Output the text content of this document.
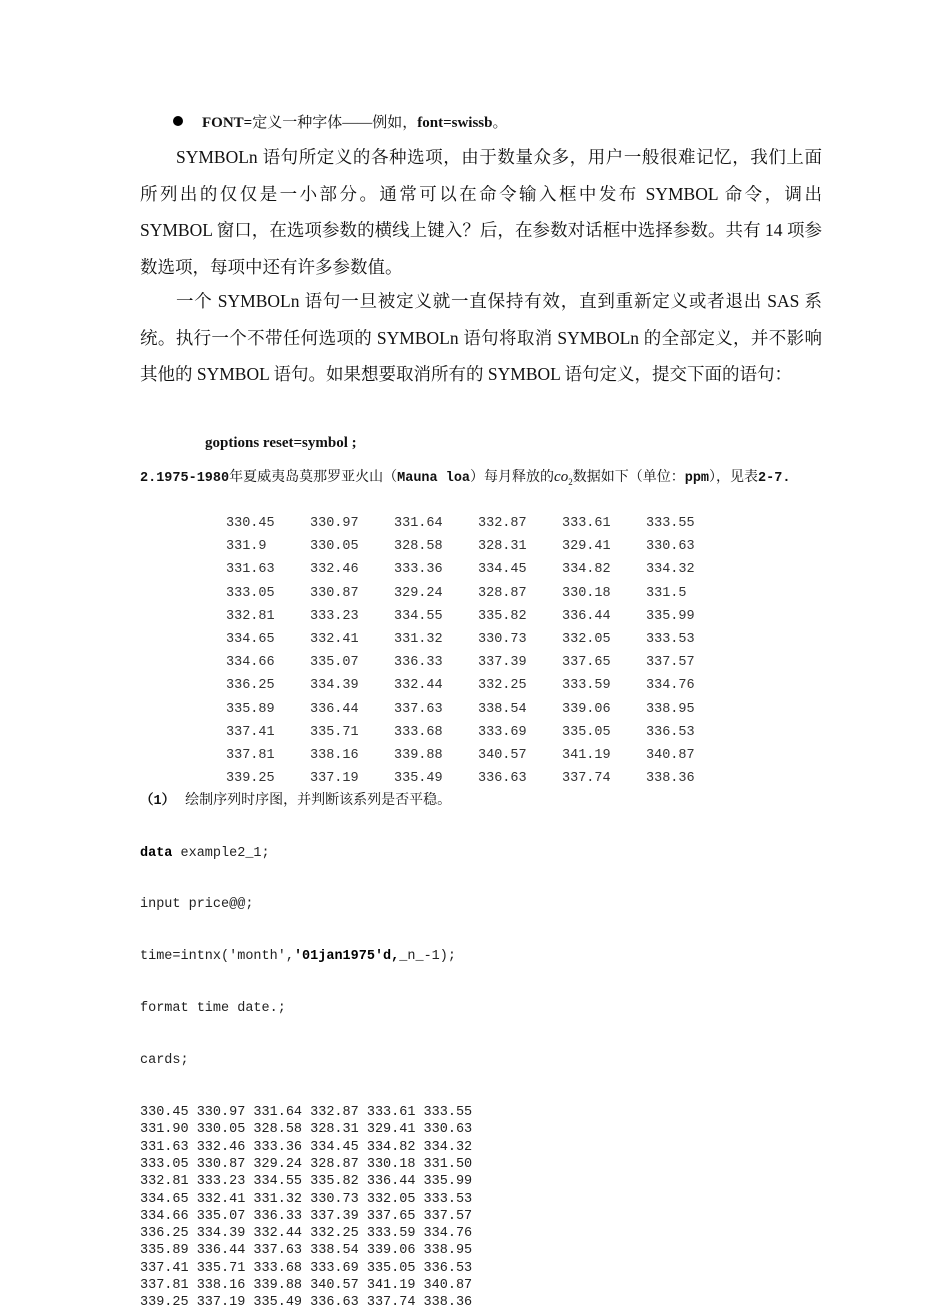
FONT=定义一种字体——例如，font=swissb。

SYMBOLn 语句所定义的各种选项，由于数量众多，用户一般很难记忆，我们上面所列出的仅仅是一小部分。通常可以在命令输入框中发布 SYMBOL 命令，调出 SYMBOL 窗口，在选项参数的横线上键入？后，在参数对话框中选择参数。共有 14 项参数选项，每项中还有许多参数值。

一个 SYMBOLn 语句一旦被定义就一直保持有效，直到重新定义或者退出 SAS 系统。执行一个不带任何选项的 SYMBOLn 语句将取消 SYMBOLn 的全部定义，并不影响其他的 SYMBOL 语句。如果想要取消所有的 SYMBOL 语句定义，提交下面的语句：

goptions reset=symbol ;
2.1975-1980年夏威夷岛莫那罗亚火山（Mauna loa）每月释放的$co_2$数据如下（单位：ppm），见表2-7.
330.45	330.97	331.64	332.87	333.61	333.55
331.9	330.05	328.58	328.31	329.41	330.63
331.63	332.46	333.36	334.45	334.82	334.32
333.05	330.87	329.24	328.87	330.18	331.5
332.81	333.23	334.55	335.82	336.44	335.99
334.65	332.41	331.32	330.73	332.05	333.53
334.66	335.07	336.33	337.39	337.65	337.57
336.25	334.39	332.44	332.25	333.59	334.76
335.89	336.44	337.63	338.54	339.06	338.95
337.41	335.71	333.68	333.69	335.05	336.53
337.81	338.16	339.88	340.57	341.19	340.87
339.25	337.19	335.49	336.63	337.74	338.36
（1） 绘制序列时序图，并判断该系列是否平稳。

data example2_1;

input price@@;

time=intnx('month','01jan1975'd,_n_-1);

format time date.;

cards;

330.45 330.97 331.64 332.87 333.61 333.55
331.90 330.05 328.58 328.31 329.41 330.63
331.63 332.46 333.36 334.45 334.82 334.32
333.05 330.87 329.24 328.87 330.18 331.50
332.81 333.23 334.55 335.82 336.44 335.99
334.65 332.41 331.32 330.73 332.05 333.53
334.66 335.07 336.33 337.39 337.65 337.57
336.25 334.39 332.44 332.25 333.59 334.76
335.89 336.44 337.63 338.54 339.06 338.95
337.41 335.71 333.68 333.69 335.05 336.53
337.81 338.16 339.88 340.57 341.19 340.87
339.25 337.19 335.49 336.63 337.74 338.36
